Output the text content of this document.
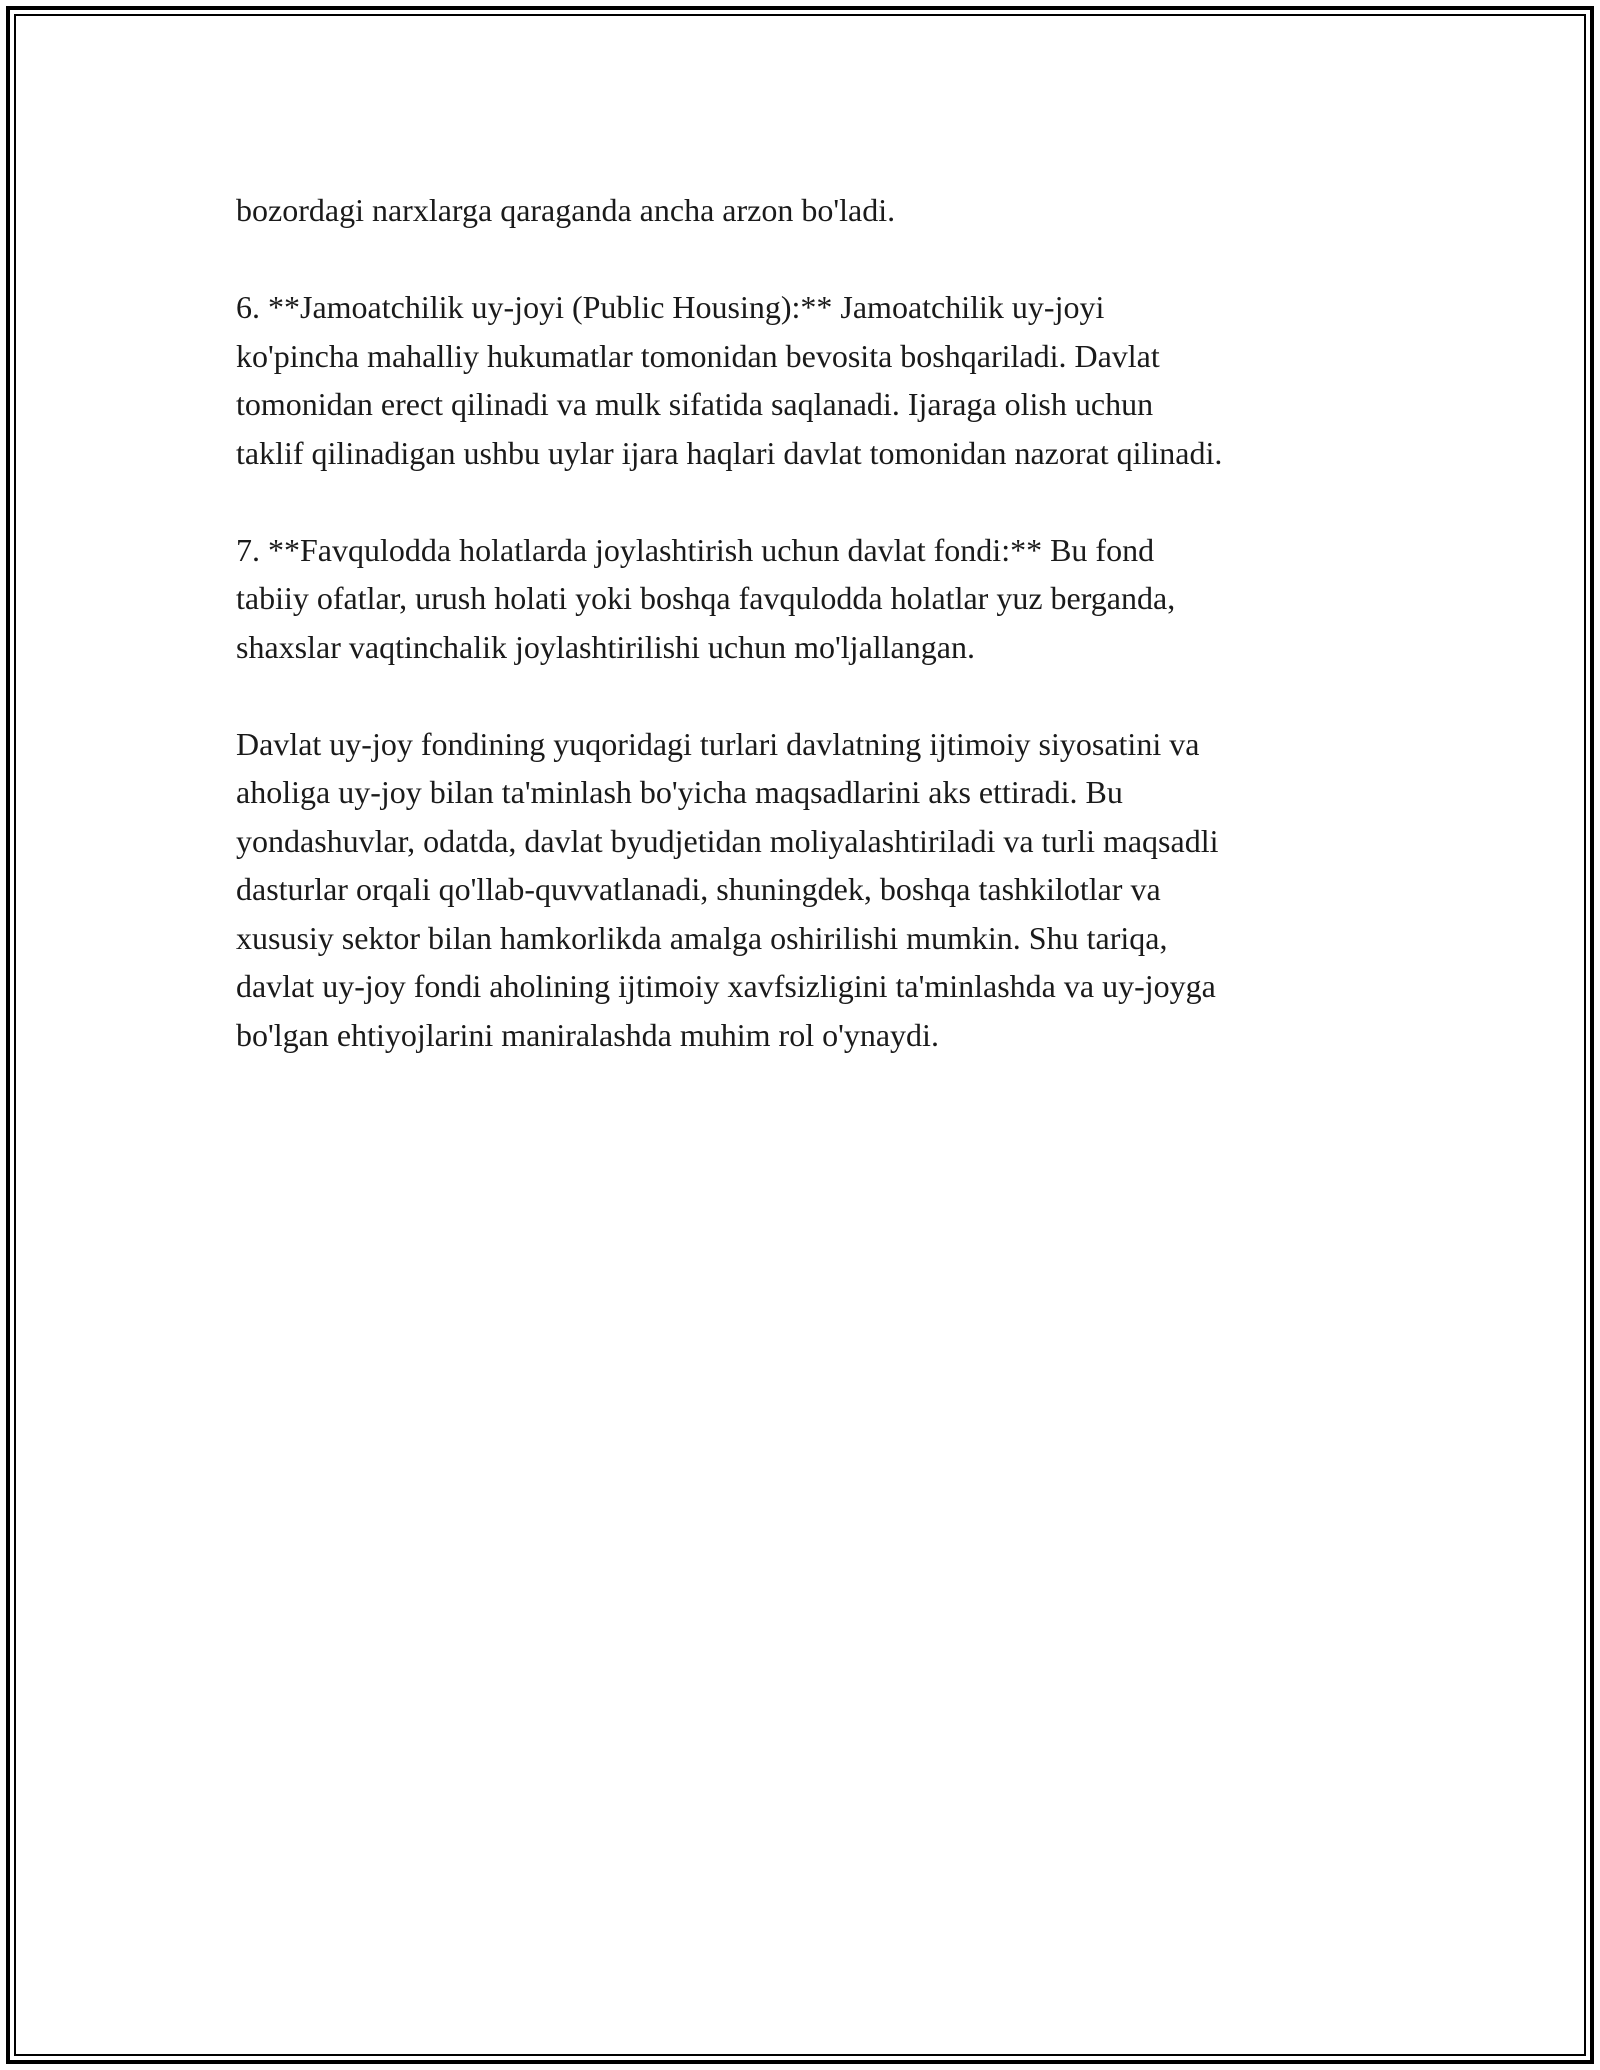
bozordagi narxlarga qaraganda ancha arzon bo'ladi.

6. **Jamoatchilik uy-joyi (Public Housing):** Jamoatchilik uy-joyi
ko'pincha mahalliy hukumatlar tomonidan bevosita boshqariladi. Davlat
tomonidan erect qilinadi va mulk sifatida saqlanadi. Ijaraga olish uchun
taklif qilinadigan ushbu uylar ijara haqlari davlat tomonidan nazorat qilinadi.

7. **Favqulodda holatlarda joylashtirish uchun davlat fondi:** Bu fond
tabiiy ofatlar, urush holati yoki boshqa favqulodda holatlar yuz berganda,
shaxslar vaqtinchalik joylashtirilishi uchun mo'ljallangan.

Davlat uy-joy fondining yuqoridagi turlari davlatning ijtimoiy siyosatini va
aholiga uy-joy bilan ta'minlash bo'yicha maqsadlarini aks ettiradi. Bu
yondashuvlar, odatda, davlat byudjetidan moliyalashtiriladi va turli maqsadli
dasturlar orqali qo'llab-quvvatlanadi, shuningdek, boshqa tashkilotlar va
xususiy sektor bilan hamkorlikda amalga oshirilishi mumkin. Shu tariqa,
davlat uy-joy fondi aholining ijtimoiy xavfsizligini ta'minlashda va uy-joyga
bo'lgan ehtiyojlarini maniralashda muhim rol o'ynaydi.
